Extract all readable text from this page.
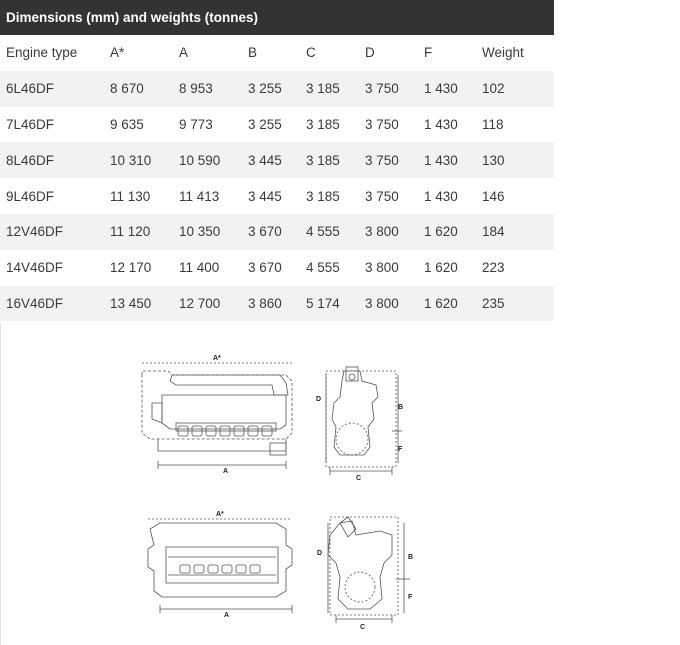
Dimensions (mm) and weights (tonnes)
Engine type	A*	A	B	C	D	F	Weight
6L46DF	8 670	8 953	3 255	3 185	3 750	1 430	102
7L46DF	9 635	9 773	3 255	3 185	3 750	1 430	118
8L46DF	10 310	10 590	3 445	3 185	3 750	1 430	130
9L46DF	11 130	11 413	3 445	3 185	3 750	1 430	146
12V46DF	11 120	10 350	3 670	4 555	3 800	1 620	184
14V46DF	12 170	11 400	3 670	4 555	3 800	1 620	223
16V46DF	13 450	12 700	3 860	5 174	3 800	1 620	235
A*
A
D
B
F
C
A*
A
D
B
F
C
